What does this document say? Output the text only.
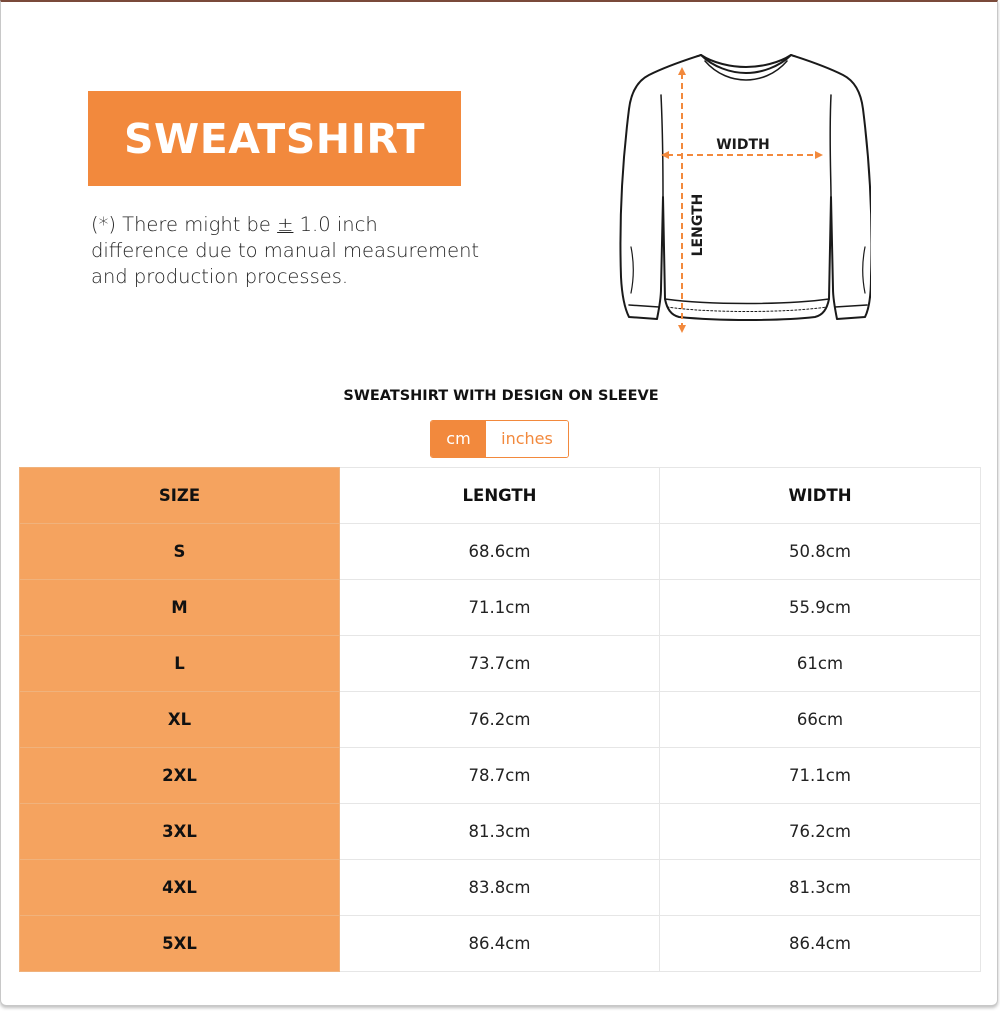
SWEATSHIRT
(*) There might be ± 1.0 inch
difference due to manual measurement
and production processes.
WIDTH
LENGTH
SWEATSHIRT WITH DESIGN ON SLEEVE
cm	inches
SIZE	LENGTH	WIDTH
S	68.6cm	50.8cm
M	71.1cm	55.9cm
L	73.7cm	61cm
XL	76.2cm	66cm
2XL	78.7cm	71.1cm
3XL	81.3cm	76.2cm
4XL	83.8cm	81.3cm
5XL	86.4cm	86.4cm
